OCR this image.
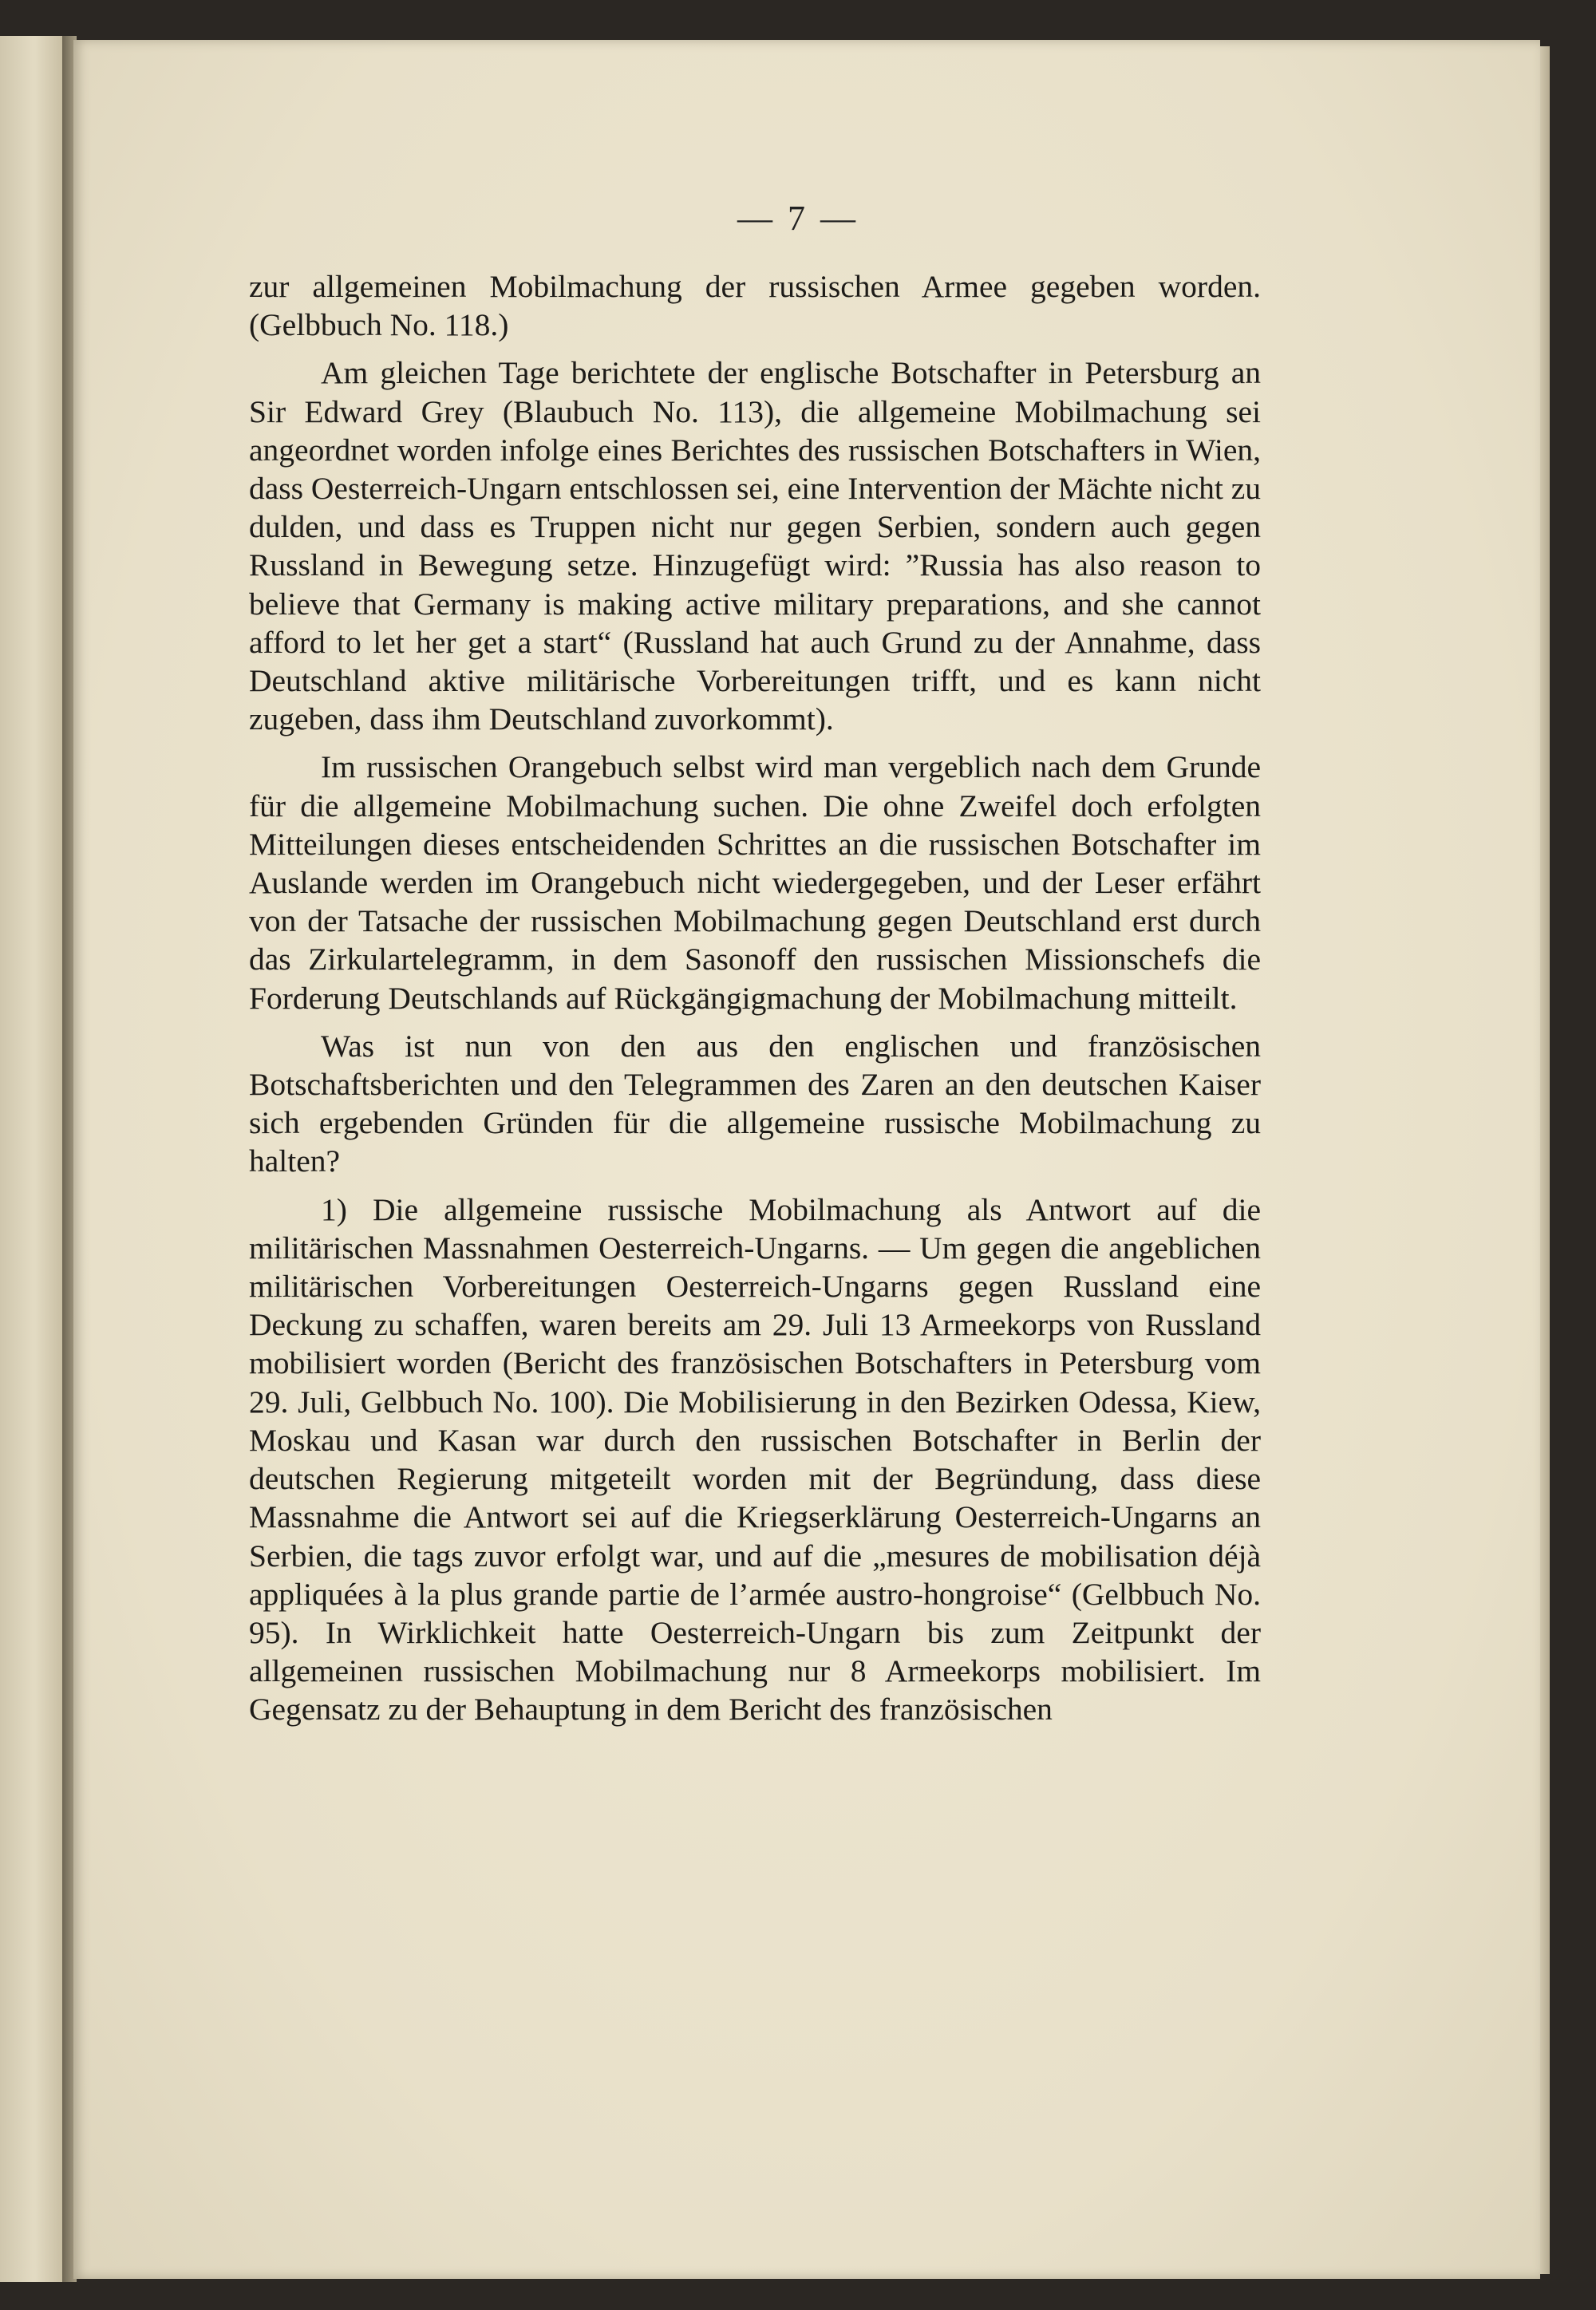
— 7 —

zur allgemeinen Mobilmachung der russischen Armee gegeben worden. (Gelbbuch No. 118.)

Am gleichen Tage berichtete der englische Botschafter in Petersburg an Sir Edward Grey (Blaubuch No. 113), die allgemeine Mobilmachung sei angeordnet worden infolge eines Berichtes des russischen Botschafters in Wien, dass Oesterreich-Ungarn entschlossen sei, eine Intervention der Mächte nicht zu dulden, und dass es Truppen nicht nur gegen Serbien, sondern auch gegen Russland in Bewegung setze. Hinzugefügt wird: ”Russia has also reason to believe that Germany is making active military preparations, and she cannot afford to let her get a start“ (Russland hat auch Grund zu der Annahme, dass Deutschland aktive militärische Vorbereitungen trifft, und es kann nicht zugeben, dass ihm Deutschland zuvorkommt).

Im russischen Orangebuch selbst wird man vergeblich nach dem Grunde für die allgemeine Mobilmachung suchen. Die ohne Zweifel doch erfolgten Mitteilungen dieses entscheidenden Schrittes an die russischen Botschafter im Auslande werden im Orangebuch nicht wiedergegeben, und der Leser erfährt von der Tatsache der russischen Mobilmachung gegen Deutschland erst durch das Zirkulartelegramm, in dem Sasonoff den russischen Missionschefs die Forderung Deutschlands auf Rückgängigmachung der Mobilmachung mitteilt.

Was ist nun von den aus den englischen und französischen Botschaftsberichten und den Telegrammen des Zaren an den deutschen Kaiser sich ergebenden Gründen für die allgemeine russische Mobilmachung zu halten?

1) Die allgemeine russische Mobilmachung als Antwort auf die militärischen Massnahmen Oesterreich-Ungarns. — Um gegen die angeblichen militärischen Vorbereitungen Oesterreich-Ungarns gegen Russland eine Deckung zu schaffen, waren bereits am 29. Juli 13 Armeekorps von Russland mobilisiert worden (Bericht des französischen Botschafters in Petersburg vom 29. Juli, Gelbbuch No. 100). Die Mobilisierung in den Bezirken Odessa, Kiew, Moskau und Kasan war durch den russischen Botschafter in Berlin der deutschen Regierung mitgeteilt worden mit der Begründung, dass diese Massnahme die Antwort sei auf die Kriegserklärung Oesterreich-Ungarns an Serbien, die tags zuvor erfolgt war, und auf die „mesures de mobilisation déjà appliquées à la plus grande partie de l’armée austro-hongroise“ (Gelbbuch No. 95). In Wirklichkeit hatte Oesterreich-Ungarn bis zum Zeitpunkt der allgemeinen russischen Mobilmachung nur 8 Armeekorps mobilisiert. Im Gegensatz zu der Behauptung in dem Bericht des französischen
